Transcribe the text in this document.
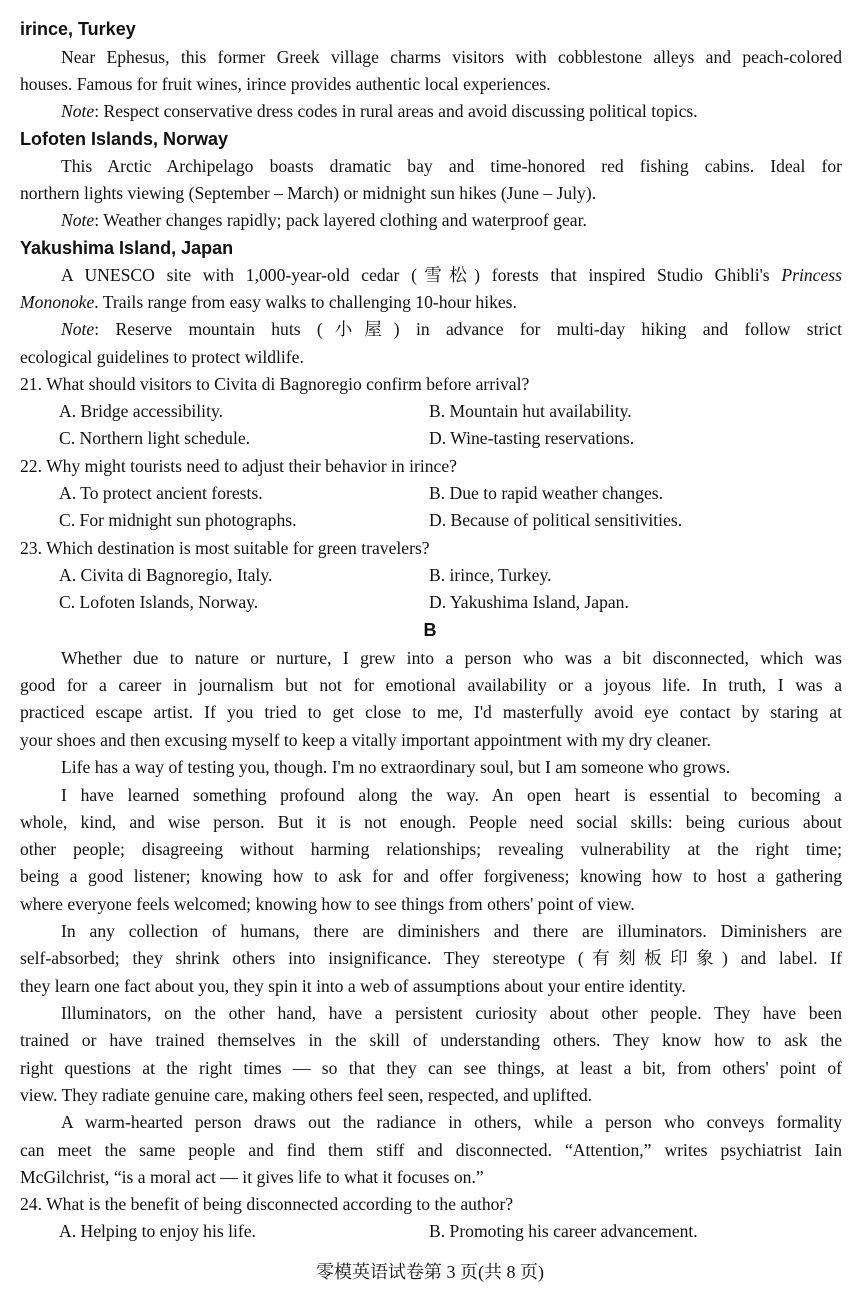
irince, Turkey
Near Ephesus, this former Greek village charms visitors with cobblestone alleys and peach-colored
houses. Famous for fruit wines, irince provides authentic local experiences.
Note: Respect conservative dress codes in rural areas and avoid discussing political topics.
Lofoten Islands, Norway
This Arctic Archipelago boasts dramatic bay and time-honored red fishing cabins. Ideal for
northern lights viewing (September – March) or midnight sun hikes (June – July).
Note: Weather changes rapidly; pack layered clothing and waterproof gear.
Yakushima Island, Japan
A UNESCO site with 1,000-year-old cedar (雪松) forests that inspired Studio Ghibli's Princess
Mononoke. Trails range from easy walks to challenging 10-hour hikes.
Note: Reserve mountain huts (小屋) in advance for multi-day hiking and follow strict
ecological guidelines to protect wildlife.
21. What should visitors to Civita di Bagnoregio confirm before arrival?
A. Bridge accessibility.	B. Mountain hut availability.
C. Northern light schedule.	D. Wine-tasting reservations.
22. Why might tourists need to adjust their behavior in irince?
A. To protect ancient forests.	B. Due to rapid weather changes.
C. For midnight sun photographs.	D. Because of political sensitivities.
23. Which destination is most suitable for green travelers?
A. Civita di Bagnoregio, Italy.	B. irince, Turkey.
C. Lofoten Islands, Norway.	D. Yakushima Island, Japan.
B
Whether due to nature or nurture, I grew into a person who was a bit disconnected, which was
good for a career in journalism but not for emotional availability or a joyous life. In truth, I was a
practiced escape artist. If you tried to get close to me, I'd masterfully avoid eye contact by staring at
your shoes and then excusing myself to keep a vitally important appointment with my dry cleaner.
Life has a way of testing you, though. I'm no extraordinary soul, but I am someone who grows.
I have learned something profound along the way. An open heart is essential to becoming a
whole, kind, and wise person. But it is not enough. People need social skills: being curious about
other people; disagreeing without harming relationships; revealing vulnerability at the right time;
being a good listener; knowing how to ask for and offer forgiveness; knowing how to host a gathering
where everyone feels welcomed; knowing how to see things from others' point of view.
In any collection of humans, there are diminishers and there are illuminators. Diminishers are
self-absorbed; they shrink others into insignificance. They stereotype (有刻板印象) and label. If
they learn one fact about you, they spin it into a web of assumptions about your entire identity.
Illuminators, on the other hand, have a persistent curiosity about other people. They have been
trained or have trained themselves in the skill of understanding others. They know how to ask the
right questions at the right times — so that they can see things, at least a bit, from others' point of
view. They radiate genuine care, making others feel seen, respected, and uplifted.
A warm-hearted person draws out the radiance in others, while a person who conveys formality
can meet the same people and find them stiff and disconnected. “Attention,” writes psychiatrist Iain
McGilchrist, “is a moral act — it gives life to what it focuses on.”
24. What is the benefit of being disconnected according to the author?
A. Helping to enjoy his life.	B. Promoting his career advancement.
零模英语试卷第 3 页(共 8 页)
